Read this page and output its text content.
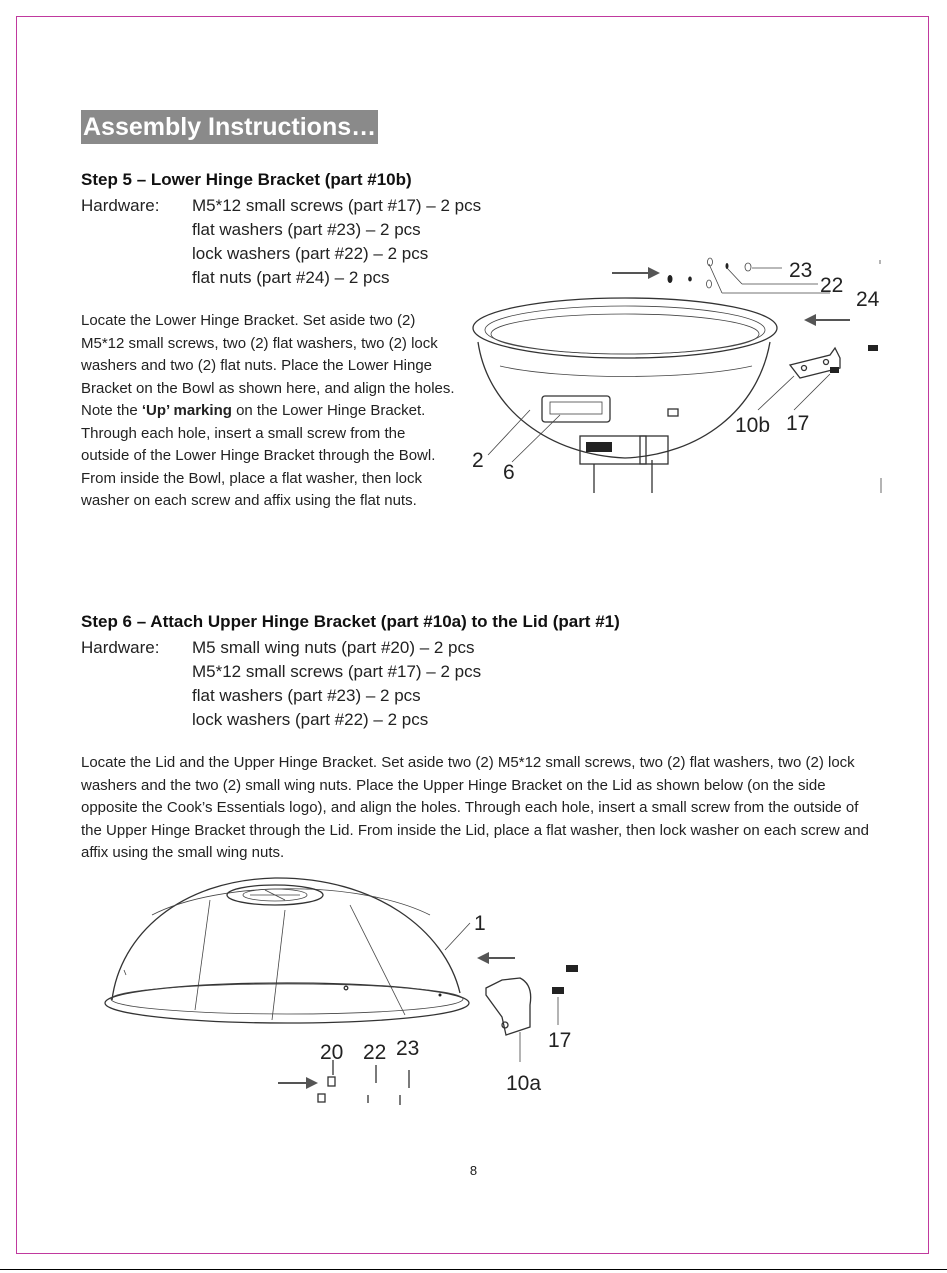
Assembly Instructions…
Step 5 – Lower Hinge Bracket (part #10b)
Hardware: M5*12 small screws (part #17) – 2 pcs
flat washers (part #23) – 2 pcs
lock washers (part #22) – 2 pcs
flat nuts (part #24) – 2 pcs
Locate the Lower Hinge Bracket. Set aside two (2) M5*12 small screws, two (2) flat washers, two (2) lock washers and two (2) flat nuts. Place the Lower Hinge Bracket on the Bowl as shown here, and align the holes. Note the ‘Up’ marking on the Lower Hinge Bracket. Through each hole, insert a small screw from the outside of the Lower Hinge Bracket through the Bowl. From inside the Bowl, place a flat washer, then lock washer on each screw and affix using the flat nuts.
23
22
24
10b 17
2
6
Step 6 – Attach Upper Hinge Bracket (part #10a) to the Lid (part #1)
Hardware: M5 small wing nuts (part #20) – 2 pcs
M5*12 small screws (part #17) – 2 pcs
flat washers (part #23) – 2 pcs
lock washers (part #22) – 2 pcs
Locate the Lid and the Upper Hinge Bracket. Set aside two (2) M5*12 small screws, two (2) flat washers, two (2) lock washers and the two (2) small wing nuts. Place the Upper Hinge Bracket on the Lid as shown below (on the side opposite the Cook’s Essentials logo), and align the holes. Through each hole, insert a small screw from the outside of the Upper Hinge Bracket through the Lid. From inside the Lid, place a flat washer, then lock washer on each screw and affix using the small wing nuts.
1
20 22 23	17
10a
8
